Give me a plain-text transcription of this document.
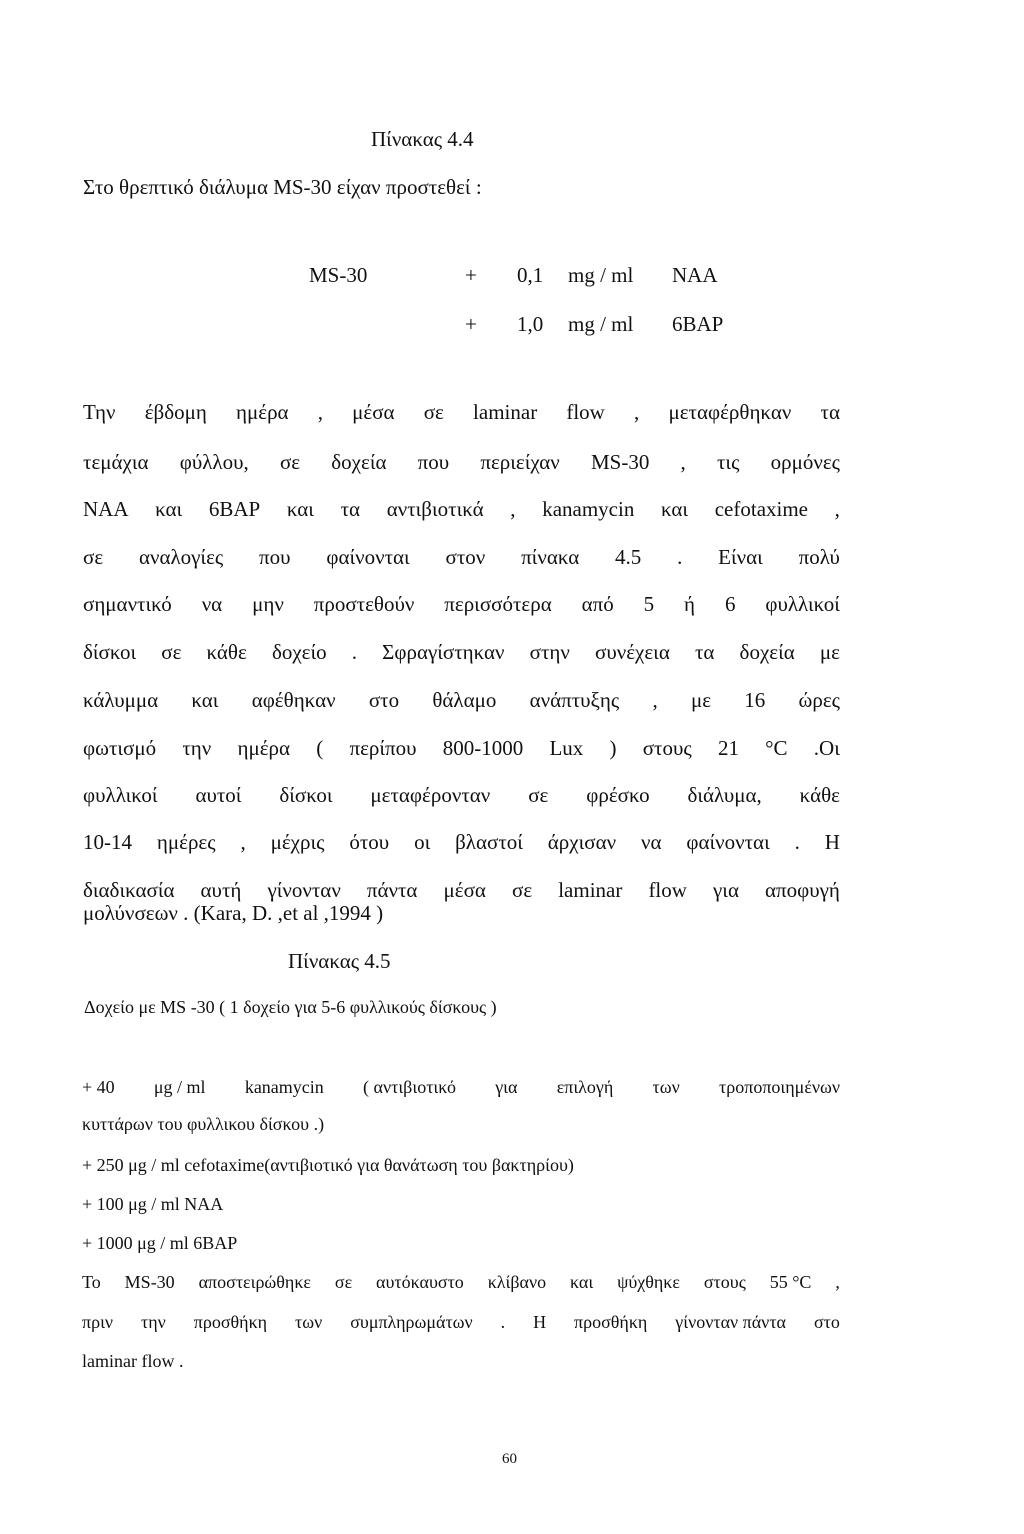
Πίνακας 4.4
Στο θρεπτικό διάλυμα MS-30 είχαν προστεθεί :
MS-30	+ 0,1 mg / ml NAA
+ 1,0 mg / ml 6BAP
Την έβδομη ημέρα , μέσα σε laminar flow , μεταφέρθηκαν τα
τεμάχια φύλλου, σε δοχεία που περιείχαν MS-30 , τις ορμόνες
NAA και 6BAP και τα αντιβιοτικά , kanamycin και cefotaxime ,
σε αναλογίες που φαίνονται στον πίνακα 4.5 . Είναι πολύ
σημαντικό να μην προστεθούν περισσότερα από 5 ή 6 φυλλικοί
δίσκοι σε κάθε δοχείο . Σφραγίστηκαν στην συνέχεια τα δοχεία με
κάλυμμα και αφέθηκαν στο θάλαμο ανάπτυξης , με 16 ώρες
φωτισμό την ημέρα ( περίπου 800-1000 Lux ) στους 21 °C .Οι
φυλλικοί αυτοί δίσκοι μεταφέρονταν σε φρέσκο διάλυμα, κάθε
10-14 ημέρες , μέχρις ότου οι βλαστοί άρχισαν να φαίνονται . Η
διαδικασία αυτή γίνονταν πάντα μέσα σε laminar flow για αποφυγή
μολύνσεων . (Kara, D. ,et al ,1994 )
Πίνακας 4.5
Δοχείο με MS -30 ( 1 δοχείο για 5-6 φυλλικούς δίσκους )
+ 40 μg / ml kanamycin ( αντιβιοτικό για επιλογή των τροποποιημένων
κυττάρων του φυλλικου δίσκου .)
+ 250 μg / ml cefotaxime(αντιβιοτικό για θανάτωση του βακτηρίου)
+ 100 μg / ml NAA
+ 1000 μg / ml 6BAP
Το MS-30 αποστειρώθηκε σε αυτόκαυστο κλίβανο και ψύχθηκε στους 55 °C ,
πριν την προσθήκη των συμπληρωμάτων . Η προσθήκη γίνονταν πάντα στο
laminar flow .
60
